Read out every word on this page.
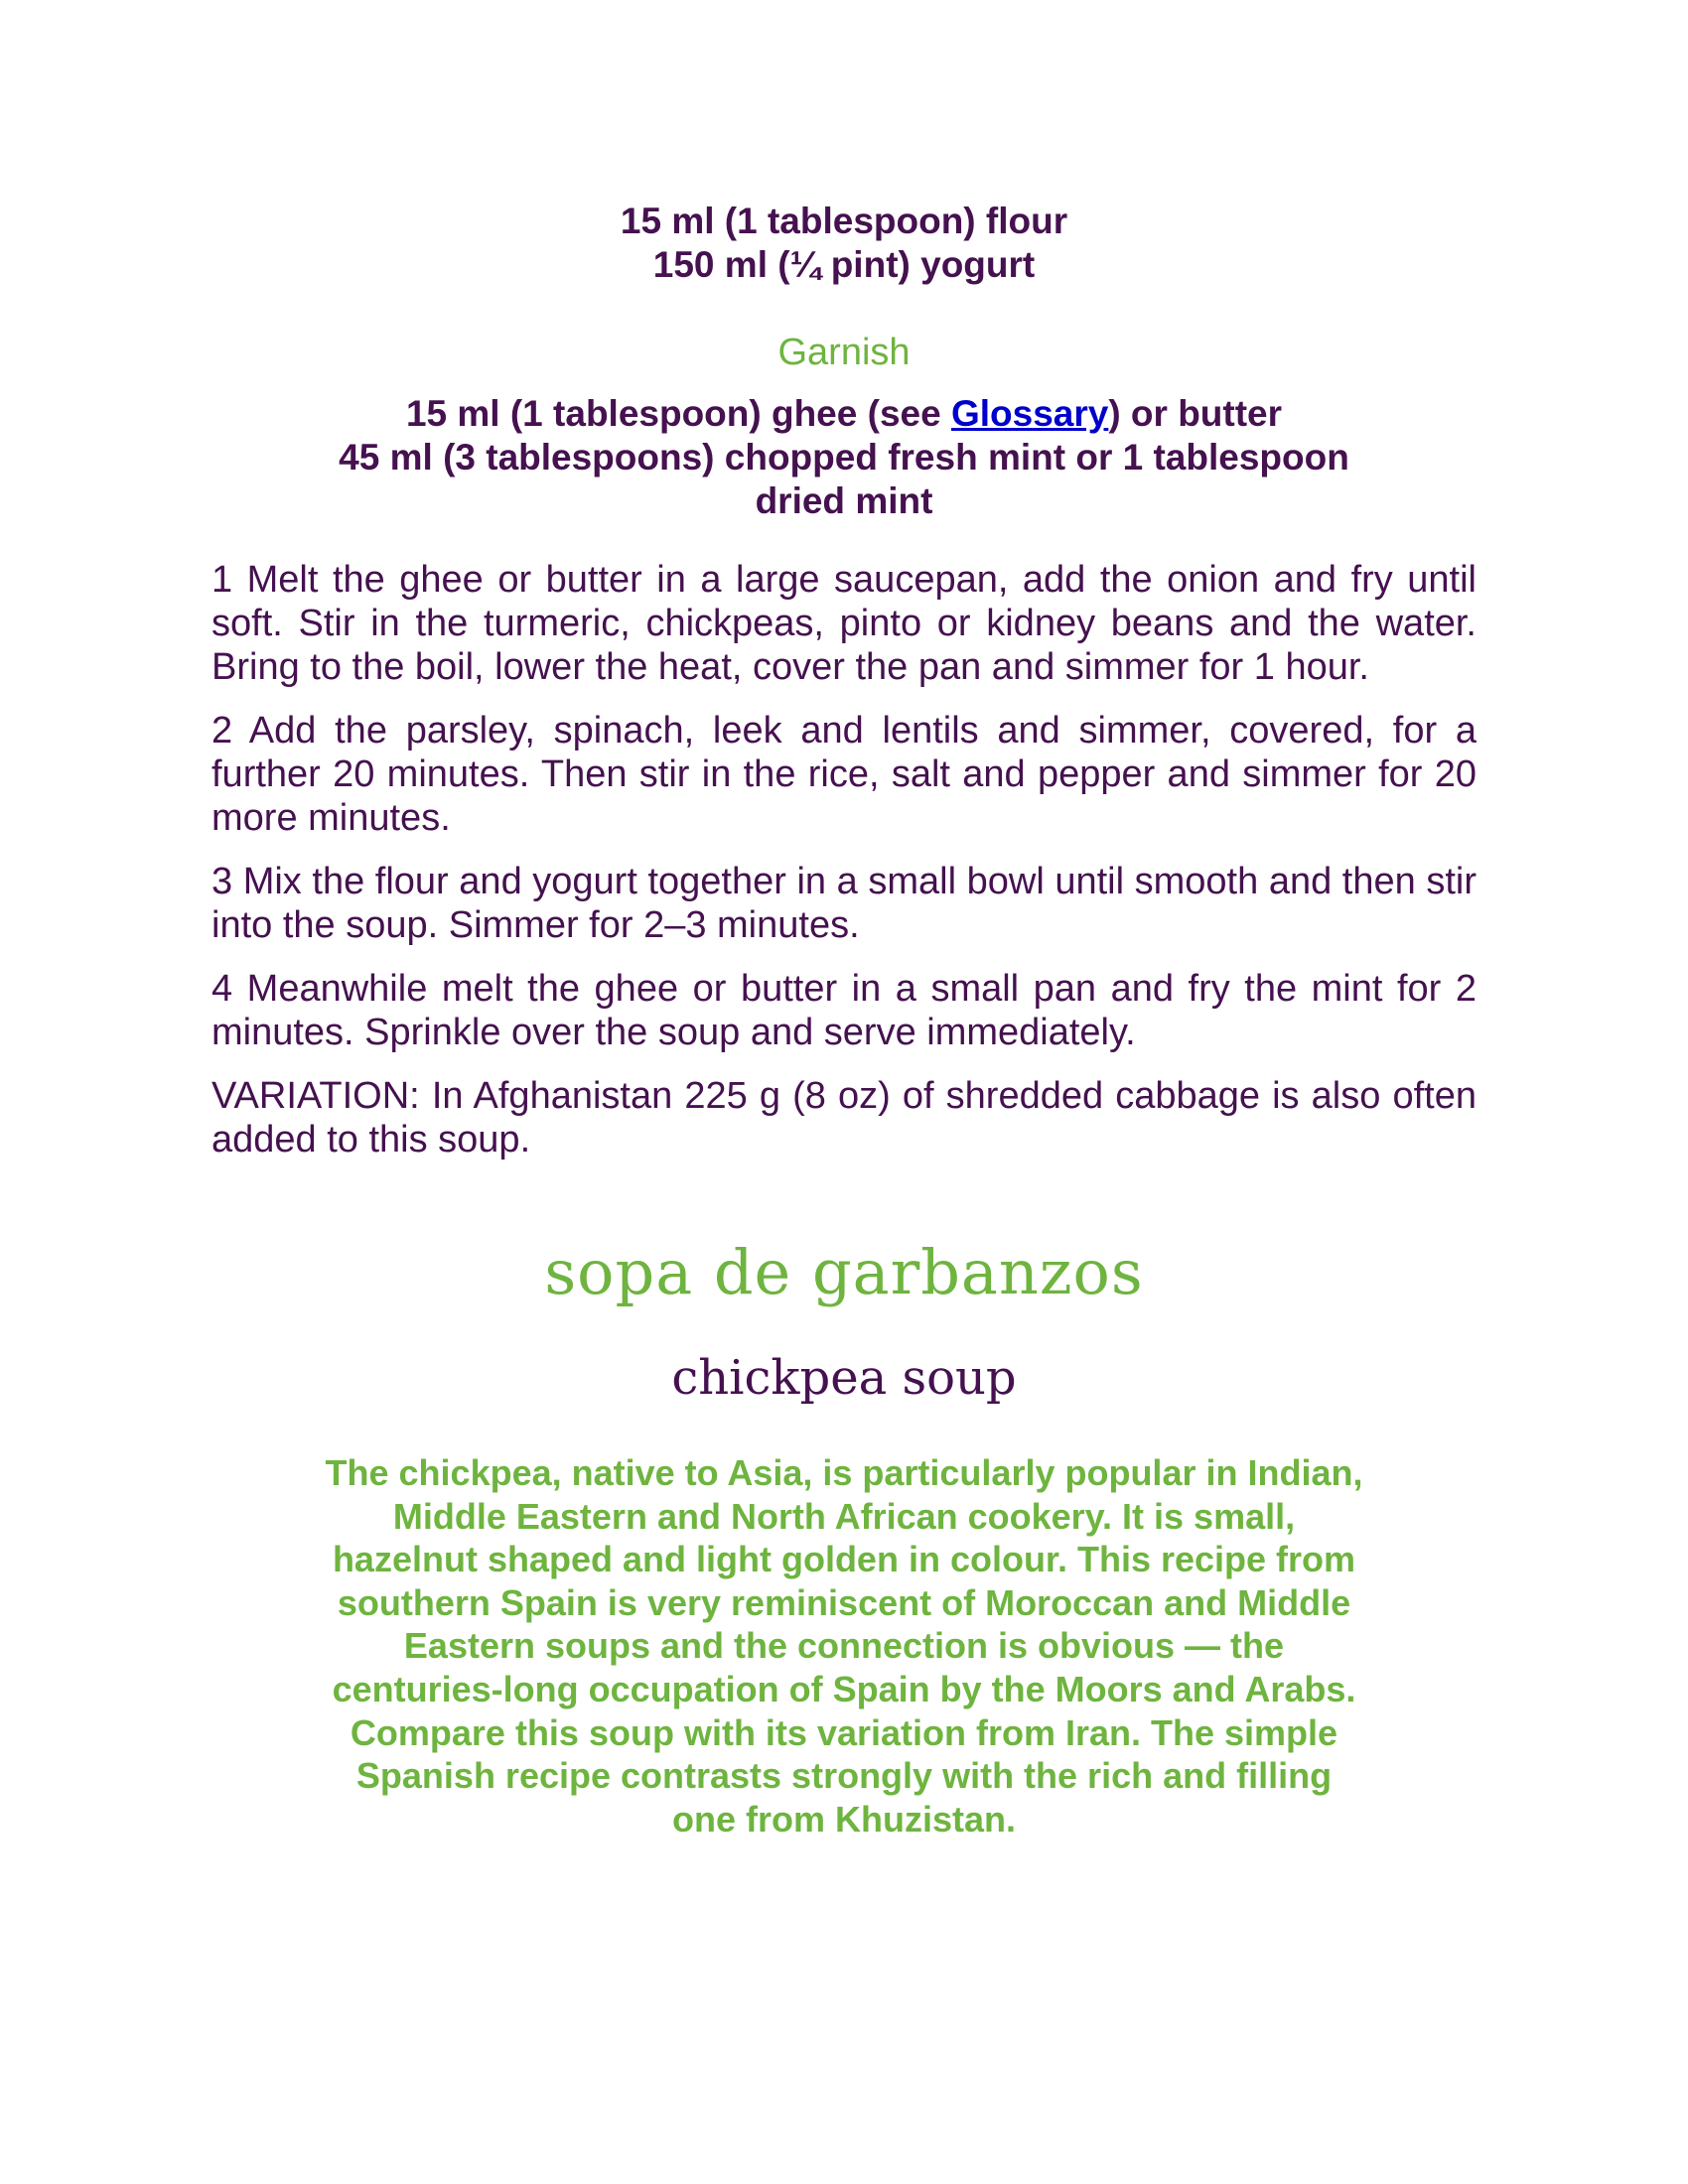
15 ml (1 tablespoon) flour
150 ml (¼ pint) yogurt
Garnish
15 ml (1 tablespoon) ghee (see Glossary) or butter
45 ml (3 tablespoons) chopped fresh mint or 1 tablespoon
dried mint

1 Melt the ghee or butter in a large saucepan, add the onion and fry until soft. Stir in the turmeric, chickpeas, pinto or kidney beans and the water. Bring to the boil, lower the heat, cover the pan and simmer for 1 hour.

2 Add the parsley, spinach, leek and lentils and simmer, covered, for a further 20 minutes. Then stir in the rice, salt and pepper and simmer for 20 more minutes.

3 Mix the flour and yogurt together in a small bowl until smooth and then stir into the soup. Simmer for 2–3 minutes.

4 Meanwhile melt the ghee or butter in a small pan and fry the mint for 2 minutes. Sprinkle over the soup and serve immediately.

VARIATION: In Afghanistan 225 g (8 oz) of shredded cabbage is also often added to this soup.

sopa de garbanzos
chickpea soup
The chickpea, native to Asia, is particularly popular in Indian,
Middle Eastern and North African cookery. It is small,
hazelnut shaped and light golden in colour. This recipe from
southern Spain is very reminiscent of Moroccan and Middle
Eastern soups and the connection is obvious — the
centuries-long occupation of Spain by the Moors and Arabs.
Compare this soup with its variation from Iran. The simple
Spanish recipe contrasts strongly with the rich and filling
one from Khuzistan.
